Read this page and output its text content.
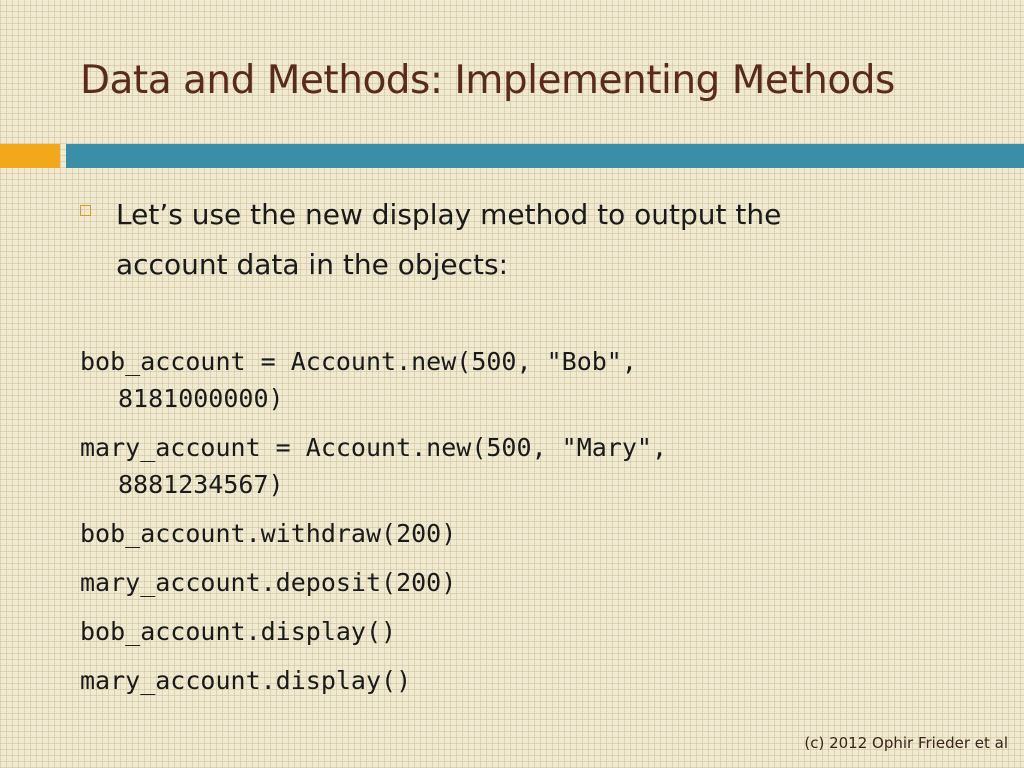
Data and Methods: Implementing Methods
Let’s use the new display method to output the account data in the objects:
bob_account = Account.new(500, "Bob",
8181000000)
mary_account = Account.new(500, "Mary",
8881234567)
bob_account.withdraw(200)
mary_account.deposit(200)
bob_account.display()
mary_account.display()
(c) 2012 Ophir Frieder et al
